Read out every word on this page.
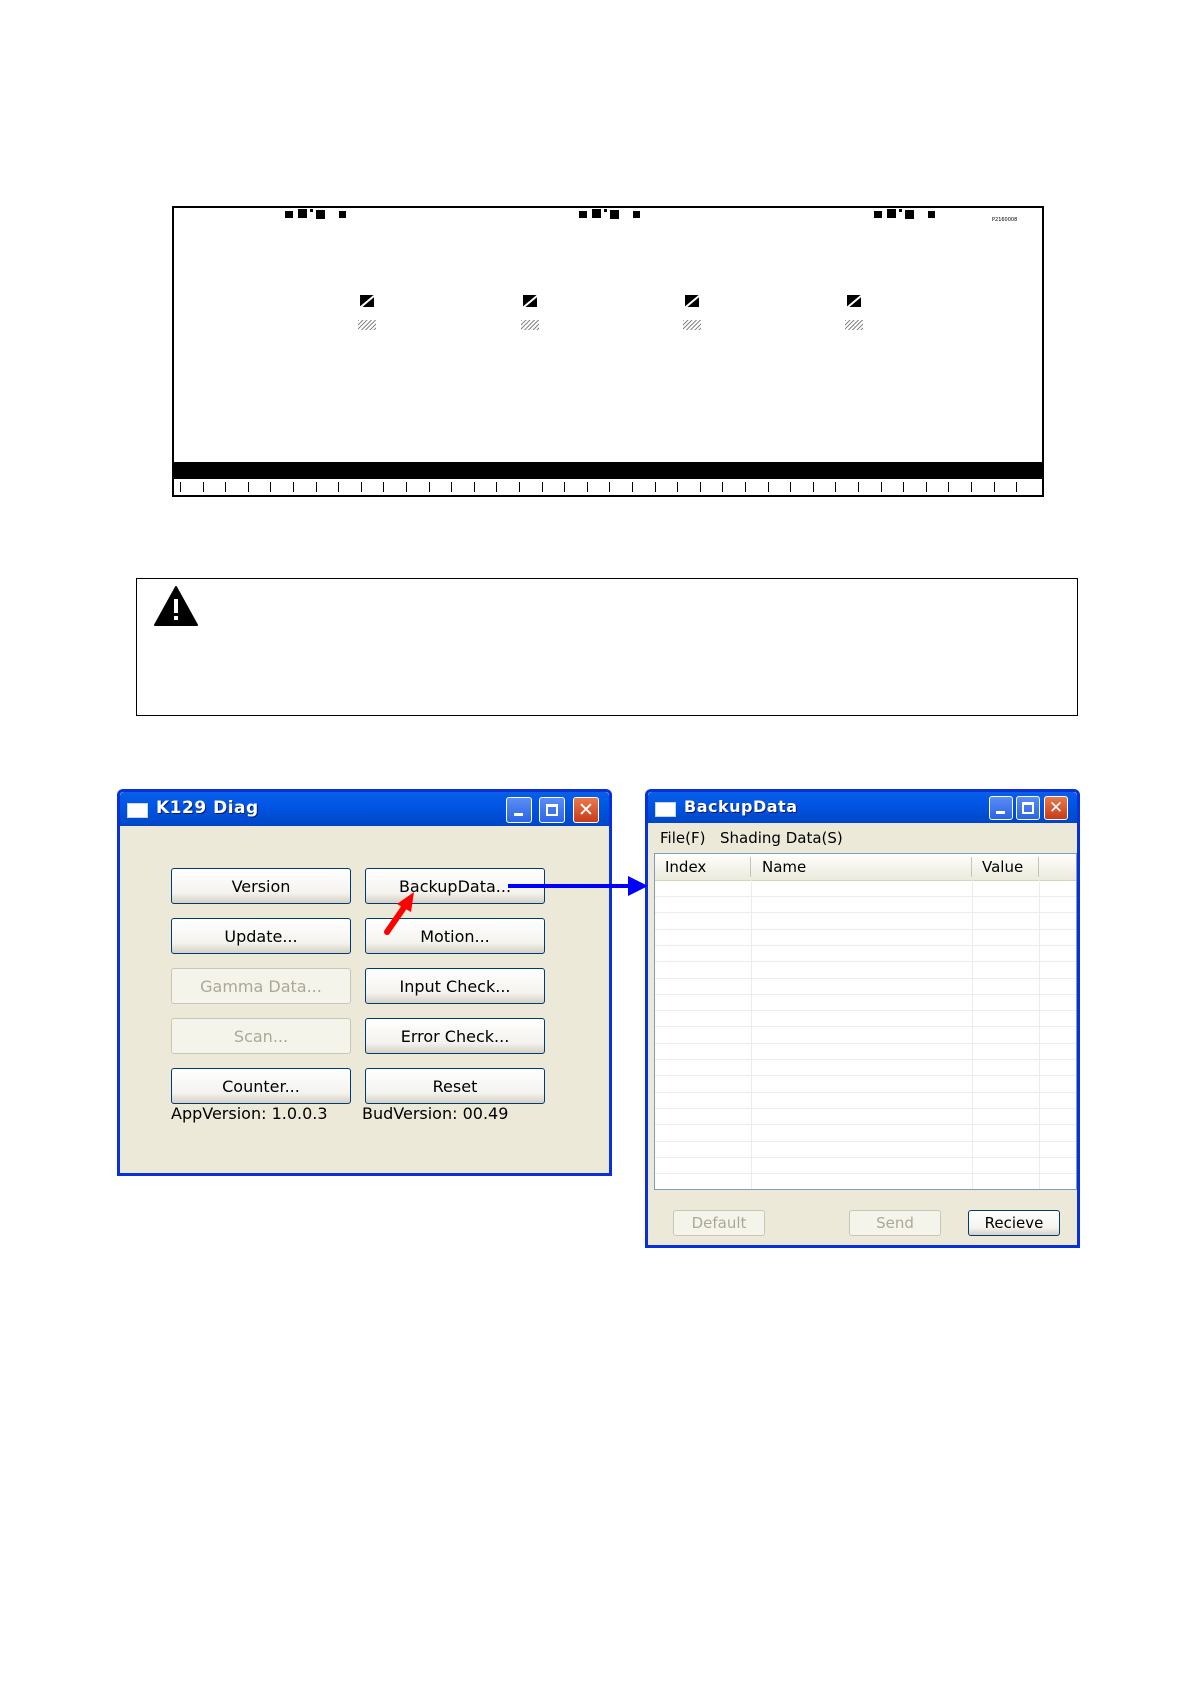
P2160008
K129 Diag	✕
Version	BackupData...
Update...	Motion...
Gamma Data...	Input Check...
Scan...	Error Check...
Counter...	Reset
AppVersion: 1.0.0.3 BudVersion: 00.49
BackupData	✕
File(F) Shading Data(S)
Index	Name	Value
Default	Send	Recieve
